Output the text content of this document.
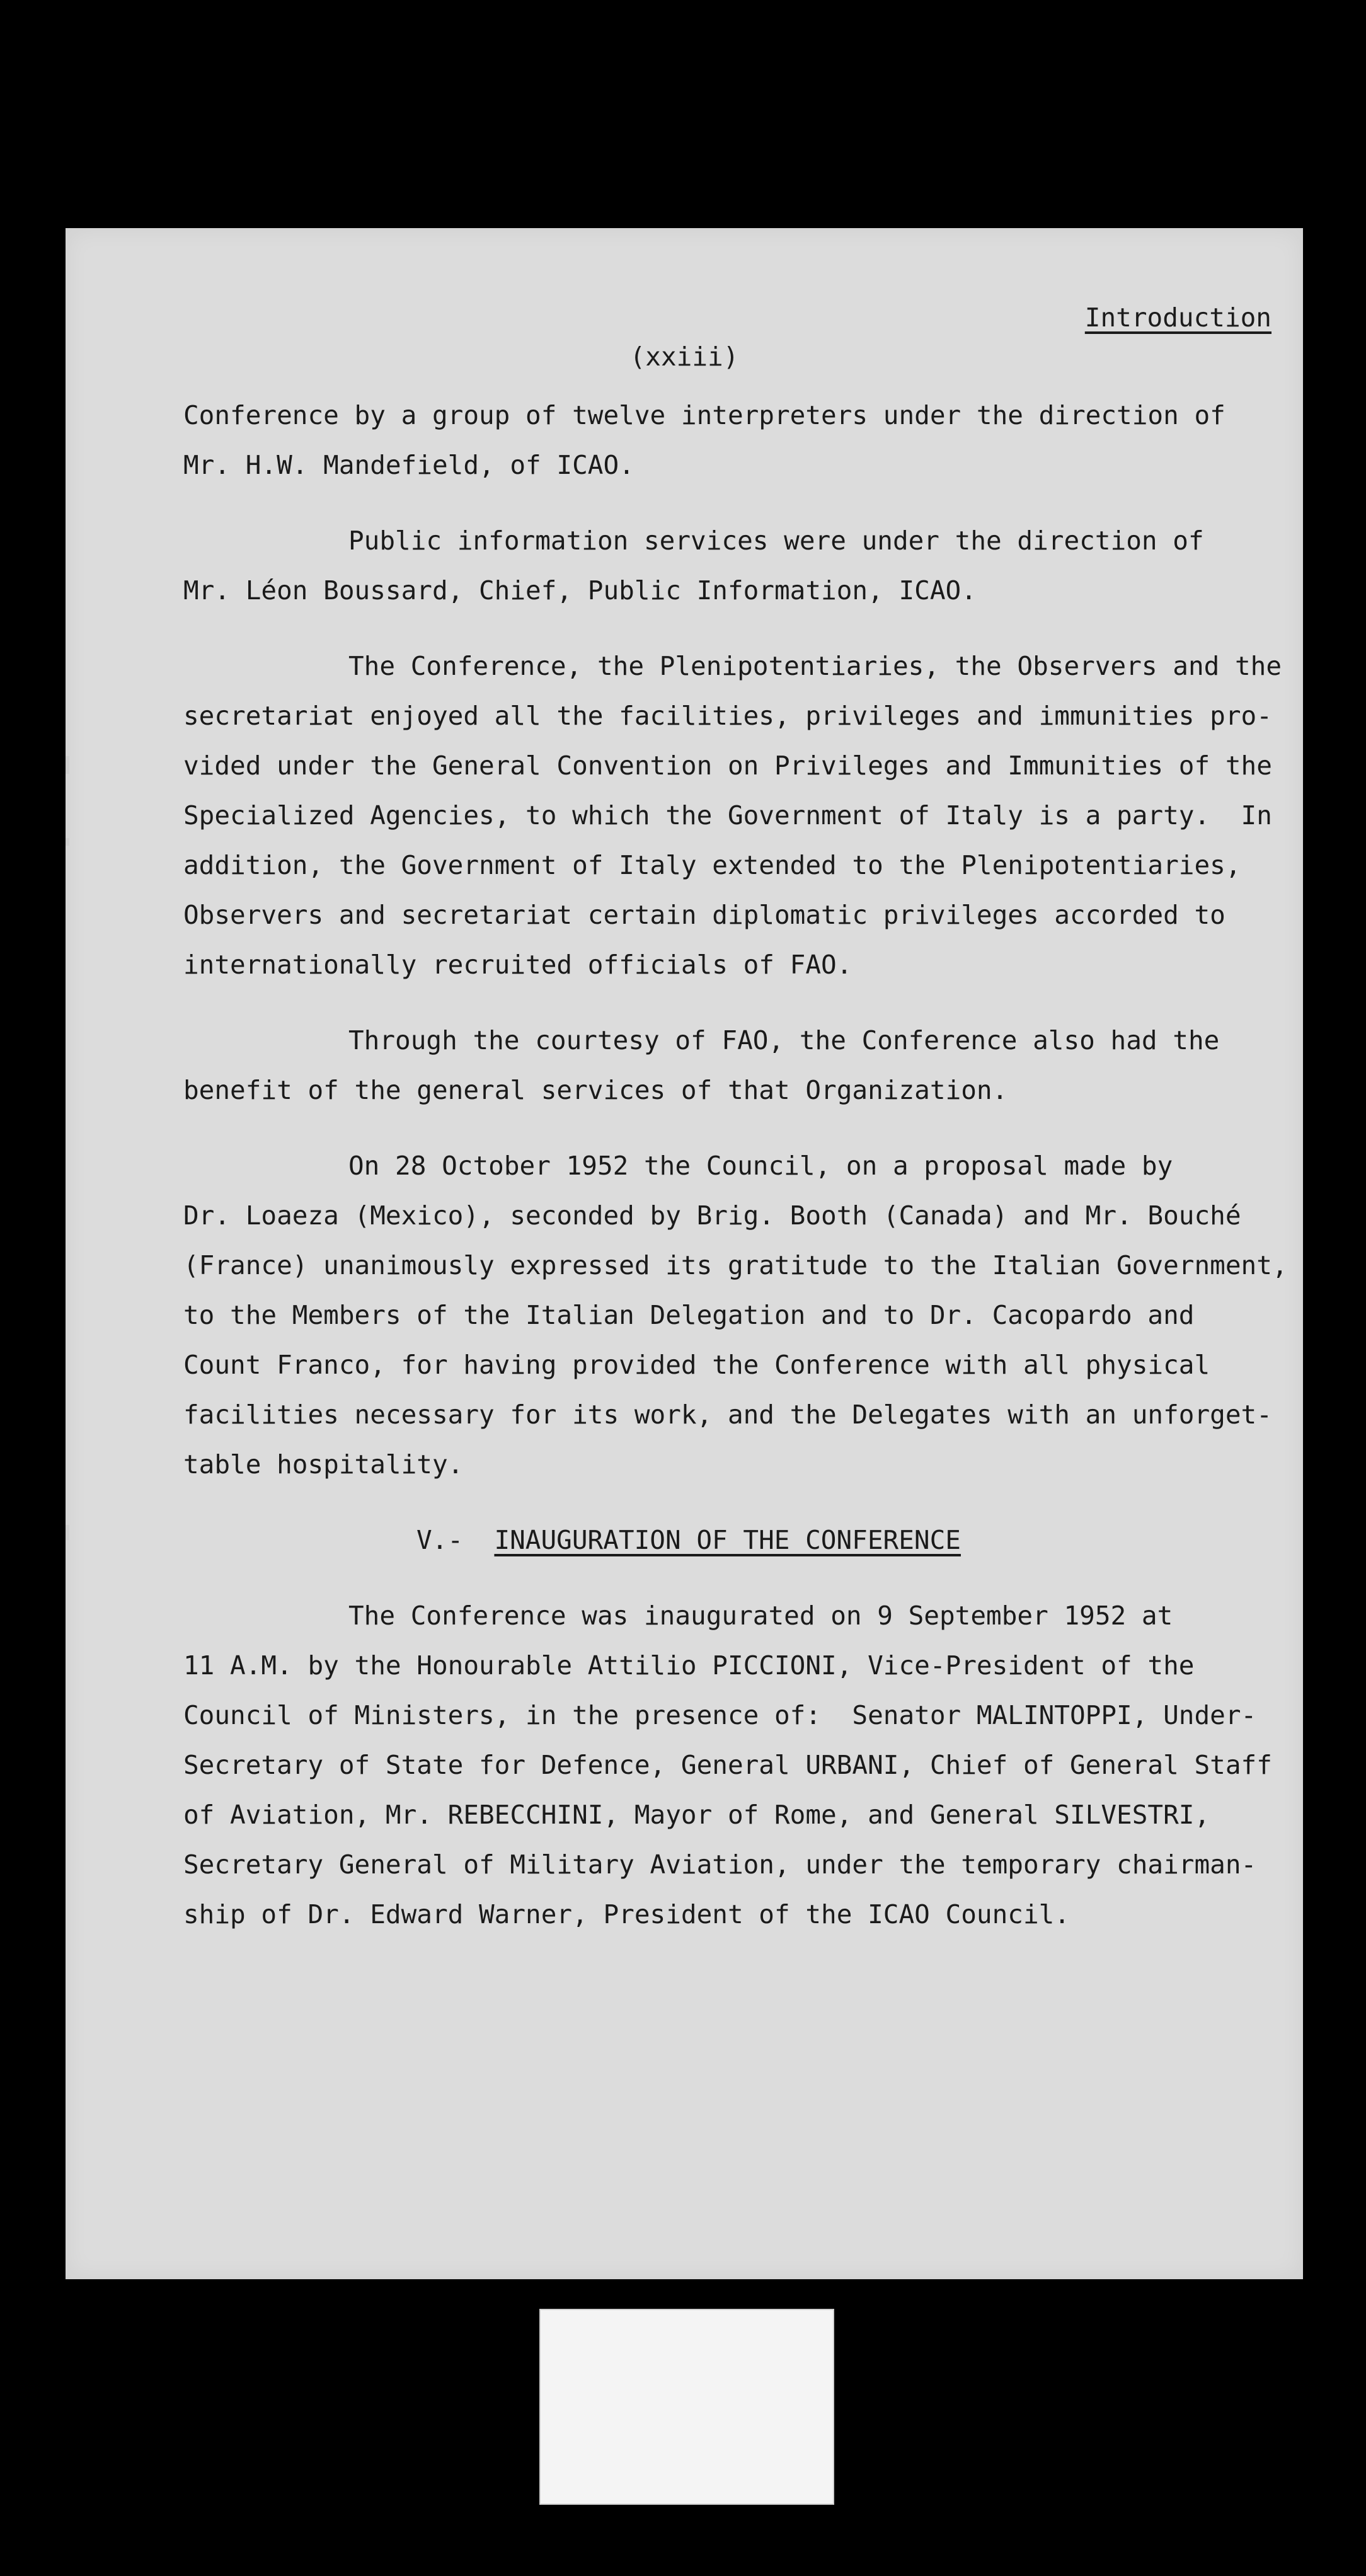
Introduction
(xxiii)
Conference by a group of twelve interpreters under the direction of
Mr. H.W. Mandefield, of ICAO.
Public information services were under the direction of
Mr. Léon Boussard, Chief, Public Information, ICAO.
The Conference, the Plenipotentiaries, the Observers and the
secretariat enjoyed all the facilities, privileges and immunities pro-
vided under the General Convention on Privileges and Immunities of the
Specialized Agencies, to which the Government of Italy is a party.  In
addition, the Government of Italy extended to the Plenipotentiaries,
Observers and secretariat certain diplomatic privileges accorded to
internationally recruited officials of FAO.
Through the courtesy of FAO, the Conference also had the
benefit of the general services of that Organization.
On 28 October 1952 the Council, on a proposal made by
Dr. Loaeza (Mexico), seconded by Brig. Booth (Canada) and Mr. Bouché
(France) unanimously expressed its gratitude to the Italian Government,
to the Members of the Italian Delegation and to Dr. Cacopardo and
Count Franco, for having provided the Conference with all physical
facilities necessary for its work, and the Delegates with an unforget-
table hospitality.
V.- INAUGURATION OF THE CONFERENCE
The Conference was inaugurated on 9 September 1952 at
11 A.M. by the Honourable Attilio PICCIONI, Vice-President of the
Council of Ministers, in the presence of:  Senator MALINTOPPI, Under-
Secretary of State for Defence, General URBANI, Chief of General Staff
of Aviation, Mr. REBECCHINI, Mayor of Rome, and General SILVESTRI,
Secretary General of Military Aviation, under the temporary chairman-
ship of Dr. Edward Warner, President of the ICAO Council.
